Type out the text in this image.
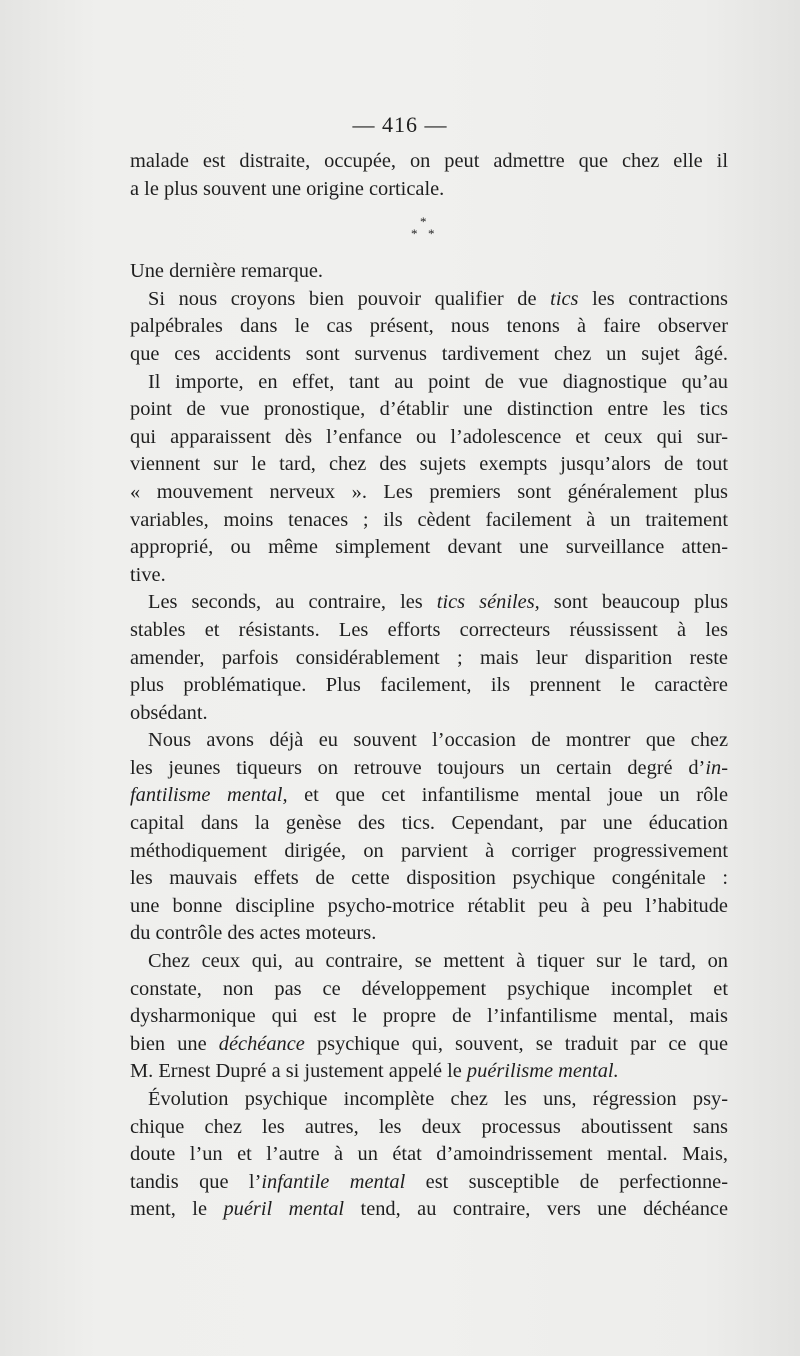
— 416 —
malade est distraite, occupée, on peut admettre que chez elle il
a le plus souvent une origine corticale.
*
* *
Une dernière remarque.
Si nous croyons bien pouvoir qualifier de tics les contractions
palpébrales dans le cas présent, nous tenons à faire observer
que ces accidents sont survenus tardivement chez un sujet âgé.
Il importe, en effet, tant au point de vue diagnostique qu’au
point de vue pronostique, d’établir une distinction entre les tics
qui apparaissent dès l’enfance ou l’adolescence et ceux qui sur-
viennent sur le tard, chez des sujets exempts jusqu’alors de tout
« mouvement nerveux ». Les premiers sont généralement plus
variables, moins tenaces ; ils cèdent facilement à un traitement
approprié, ou même simplement devant une surveillance atten-
tive.
Les seconds, au contraire, les tics séniles, sont beaucoup plus
stables et résistants. Les efforts correcteurs réussissent à les
amender, parfois considérablement ; mais leur disparition reste
plus problématique. Plus facilement, ils prennent le caractère
obsédant.
Nous avons déjà eu souvent l’occasion de montrer que chez
les jeunes tiqueurs on retrouve toujours un certain degré d’in-
fantilisme mental, et que cet infantilisme mental joue un rôle
capital dans la genèse des tics. Cependant, par une éducation
méthodiquement dirigée, on parvient à corriger progressivement
les mauvais effets de cette disposition psychique congénitale :
une bonne discipline psycho-motrice rétablit peu à peu l’habitude
du contrôle des actes moteurs.
Chez ceux qui, au contraire, se mettent à tiquer sur le tard, on
constate, non pas ce développement psychique incomplet et
dysharmonique qui est le propre de l’infantilisme mental, mais
bien une déchéance psychique qui, souvent, se traduit par ce que
M. Ernest Dupré a si justement appelé le puérilisme mental.
Évolution psychique incomplète chez les uns, régression psy-
chique chez les autres, les deux processus aboutissent sans
doute l’un et l’autre à un état d’amoindrissement mental. Mais,
tandis que l’infantile mental est susceptible de perfectionne-
ment, le puéril mental tend, au contraire, vers une déchéance
